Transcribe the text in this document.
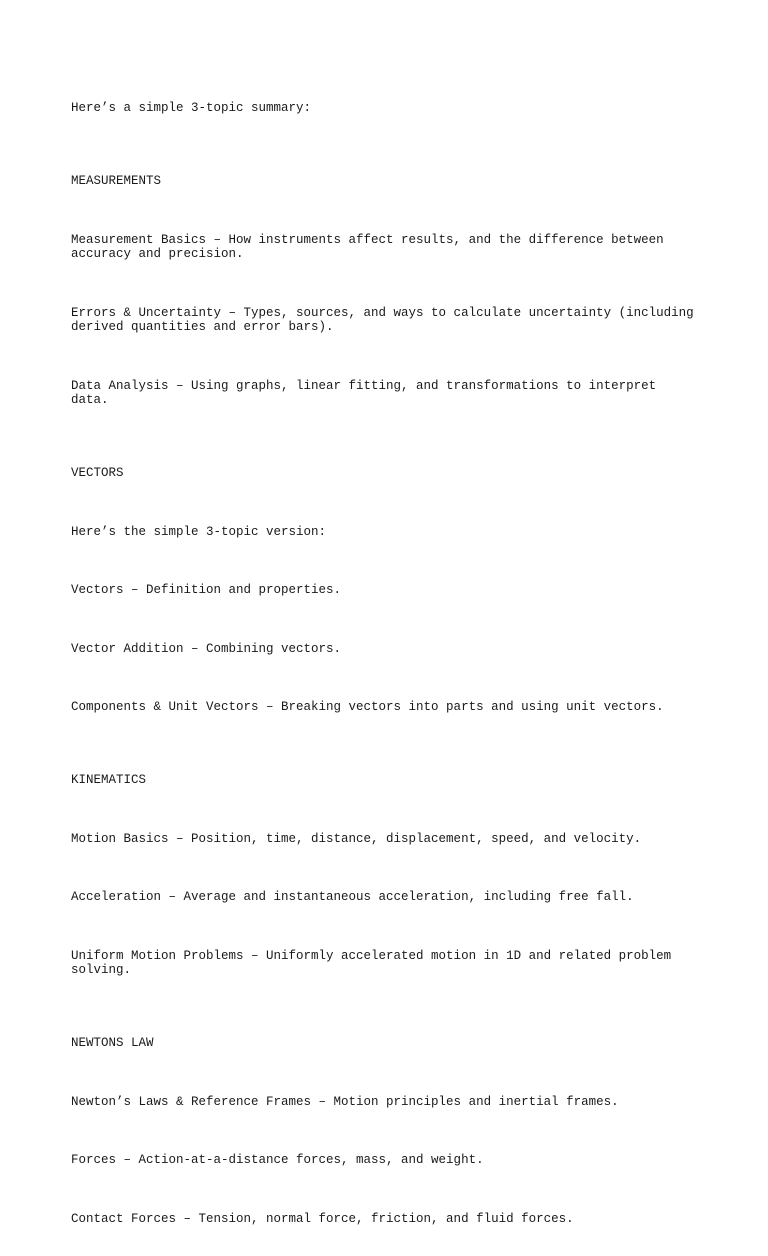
Here’s a simple 3-topic summary:

MEASUREMENTS

Measurement Basics – How instruments affect results, and the difference between
accuracy and precision.

Errors & Uncertainty – Types, sources, and ways to calculate uncertainty (including
derived quantities and error bars).

Data Analysis – Using graphs, linear fitting, and transformations to interpret
data.

VECTORS

Here’s the simple 3-topic version:

Vectors – Definition and properties.

Vector Addition – Combining vectors.

Components & Unit Vectors – Breaking vectors into parts and using unit vectors.

KINEMATICS

Motion Basics – Position, time, distance, displacement, speed, and velocity.

Acceleration – Average and instantaneous acceleration, including free fall.

Uniform Motion Problems – Uniformly accelerated motion in 1D and related problem
solving.

NEWTONS LAW

Newton’s Laws & Reference Frames – Motion principles and inertial frames.

Forces – Action-at-a-distance forces, mass, and weight.

Contact Forces – Tension, normal force, friction, and fluid forces.
